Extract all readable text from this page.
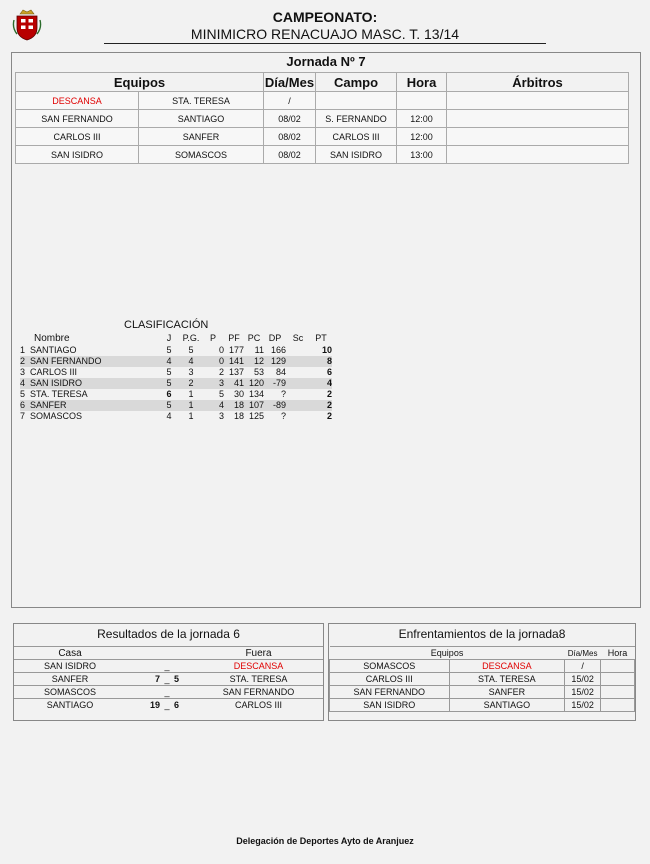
CAMPEONATO:
MINIMICRO RENACUAJO MASC. T. 13/14
Jornada Nº 7
Equipos		Día/Mes	Campo	Hora	Árbitros
DESCANSA	STA. TERESA	/			
SAN FERNANDO	SANTIAGO	08/02	S. FERNANDO	12:00	
CARLOS III	SANFER	08/02	CARLOS III	12:00	
SAN ISIDRO	SOMASCOS	08/02	SAN ISIDRO	13:00	
CLASIFICACIÓN
	Nombre	J	P.G.	P	PF	PC	DP	Sc	PT
1	SANTIAGO	5	5	0	177	11	166		10
2	SAN FERNANDO	4	4	0	141	12	129		8
3	CARLOS III	5	3	2	137	53	84		6
4	SAN ISIDRO	5	2	3	41	120	-79		4
5	STA. TERESA	6	1	5	30	134	?		2
6	SANFER	5	1	4	18	107	-89		2
7	SOMASCOS	4	1	3	18	125	?		2
Resultados de la jornada 6
Casa				Fuera
SAN ISIDRO		_		DESCANSA
SANFER	7	_	5	STA. TERESA
SOMASCOS		_		SAN FERNANDO
SANTIAGO	19	_	6	CARLOS III
Enfrentamientos de la jornada8
Equipos		Día/Mes	Hora
SOMASCOS	DESCANSA	/	
CARLOS III	STA. TERESA	15/02	
SAN FERNANDO	SANFER	15/02	
SAN ISIDRO	SANTIAGO	15/02	
Delegación de Deportes Ayto de Aranjuez
